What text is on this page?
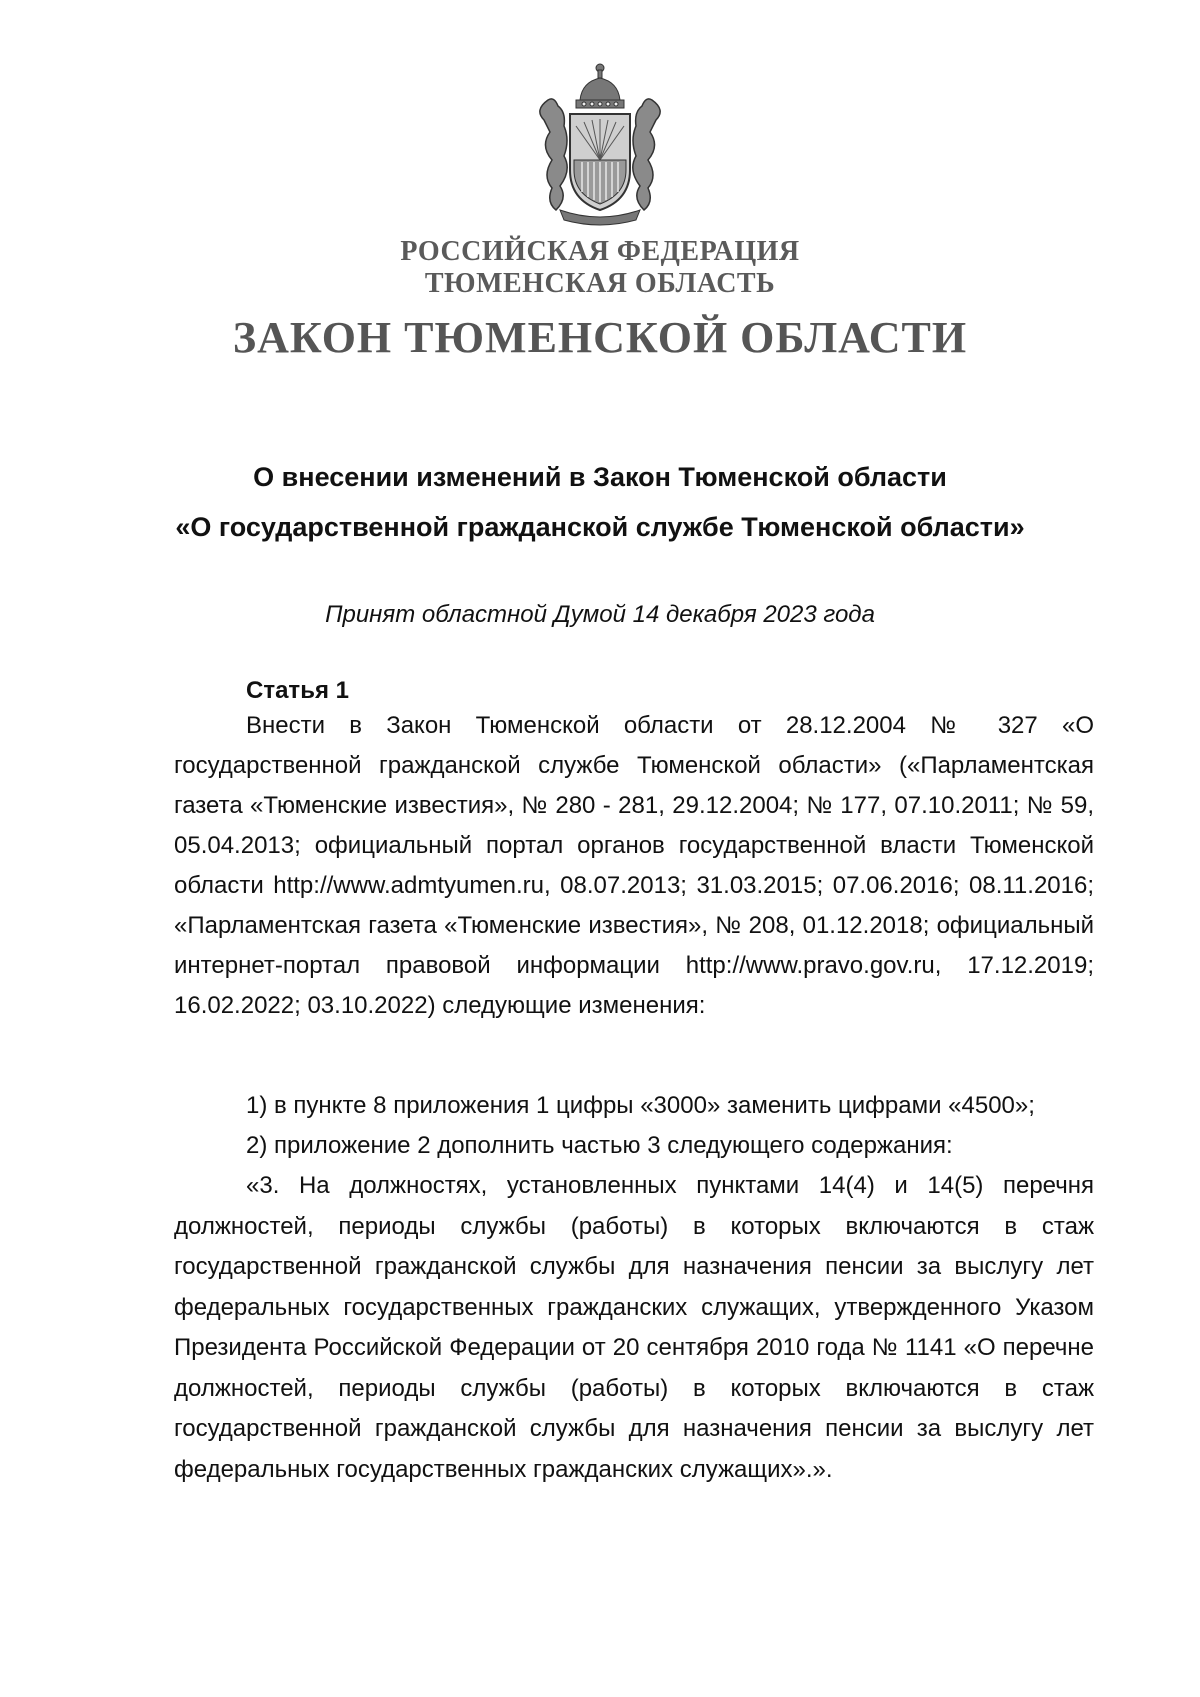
РОССИЙСКАЯ ФЕДЕРАЦИЯ
ТЮМЕНСКАЯ ОБЛАСТЬ
ЗАКОН ТЮМЕНСКОЙ ОБЛАСТИ
О внесении изменений в Закон Тюменской области
«О государственной гражданской службе Тюменской области»
Принят областной Думой 14 декабря 2023 года
Статья 1
Внести в Закон Тюменской области от 28.12.2004 № 327 «О государственной гражданской службе Тюменской области» («Парламентская газета «Тюменские известия», № 280 - 281, 29.12.2004; № 177, 07.10.2011; № 59, 05.04.2013; официальный портал органов государственной власти Тюменской области http://www.admtyumen.ru, 08.07.2013; 31.03.2015; 07.06.2016; 08.11.2016; «Парламентская газета «Тюменские известия», № 208, 01.12.2018; официальный интернет-портал правовой информации http://www.pravo.gov.ru, 17.12.2019; 16.02.2022; 03.10.2022) следующие изменения:
1) в пункте 8 приложения 1 цифры «3000» заменить цифрами «4500»;
2) приложение 2 дополнить частью 3 следующего содержания:
«3. На должностях, установленных пунктами 14(4) и 14(5) перечня должностей, периоды службы (работы) в которых включаются в стаж государственной гражданской службы для назначения пенсии за выслугу лет федеральных государственных гражданских служащих, утвержденного Указом Президента Российской Федерации от 20 сентября 2010 года № 1141 «О перечне должностей, периоды службы (работы) в которых включаются в стаж государственной гражданской службы для назначения пенсии за выслугу лет федеральных государственных гражданских служащих».».
